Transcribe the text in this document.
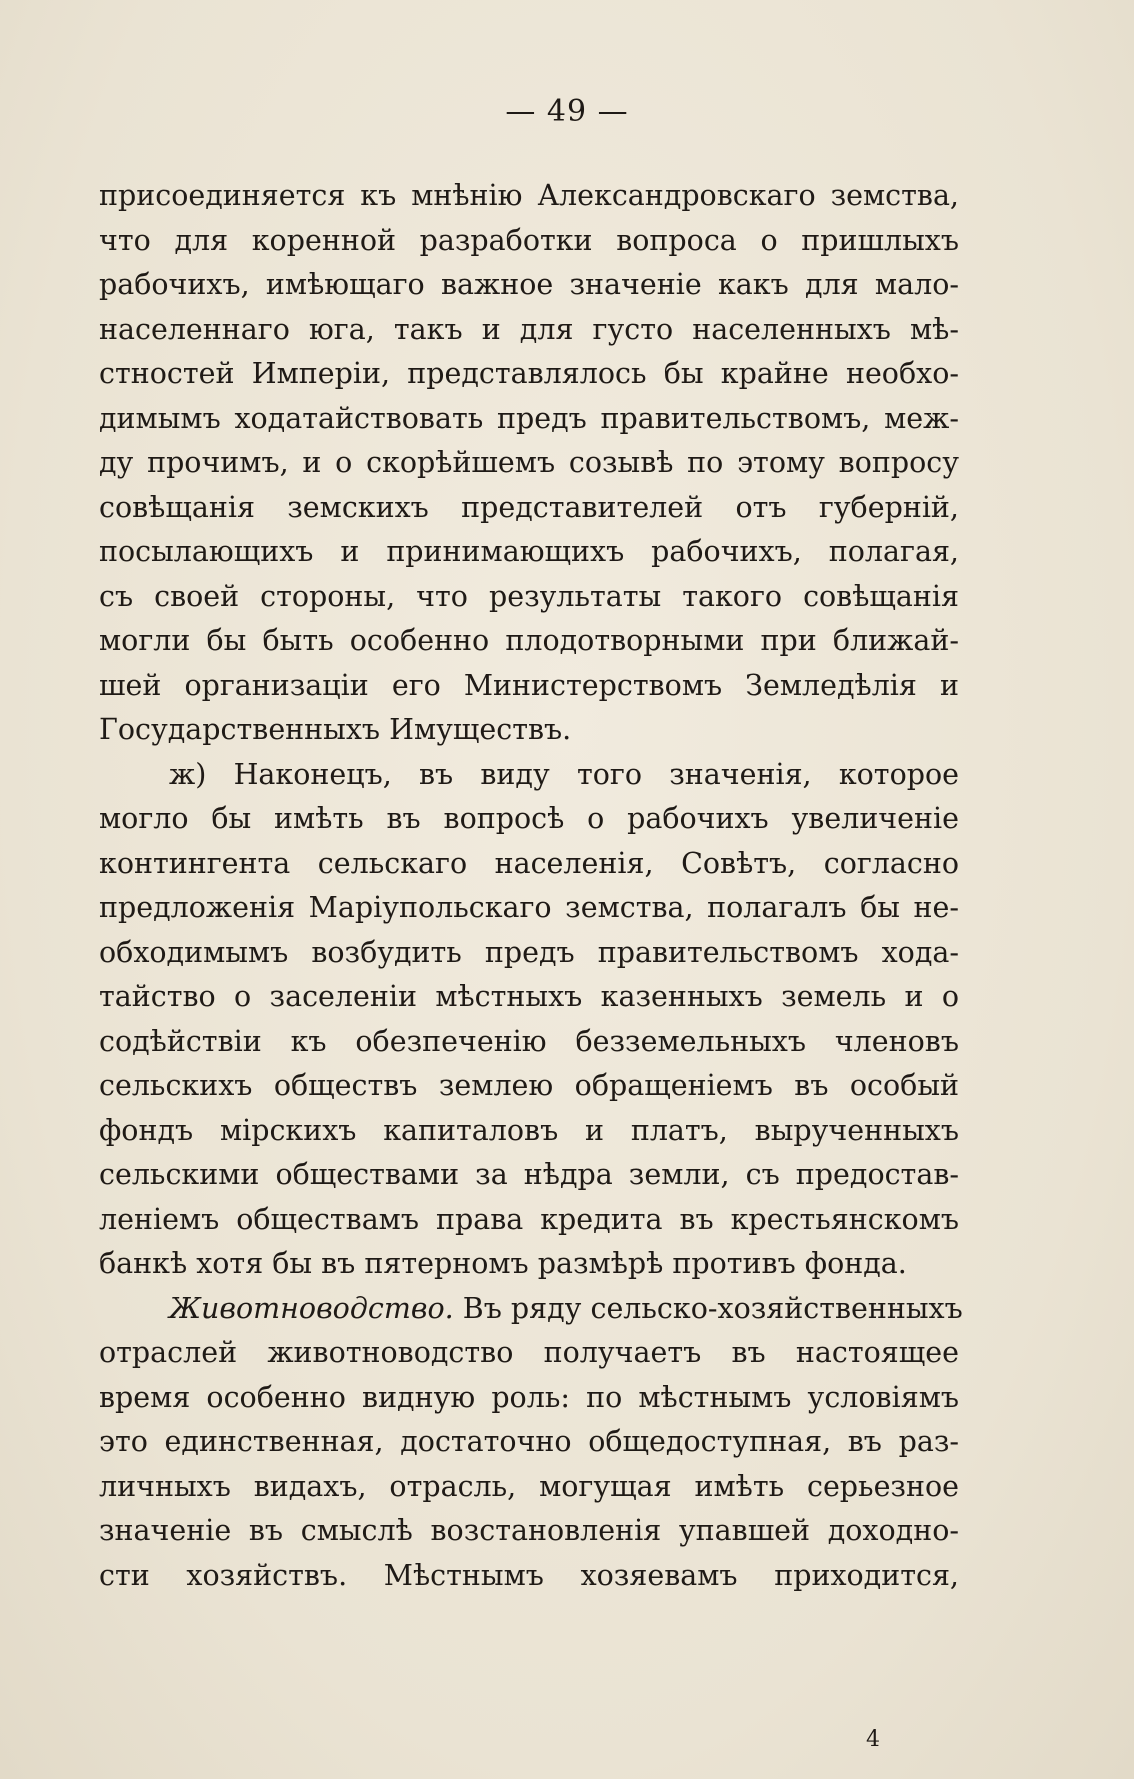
— 49 —
присоединяется къ мнѣнію Александровскаго земства,
что для коренной разработки вопроса о пришлыхъ
рабочихъ, имѣющаго важное значеніе какъ для мало-
населеннаго юга, такъ и для густо населенныхъ мѣ-
стностей Имперіи, представлялось бы крайне необхо-
димымъ ходатайствовать предъ правительствомъ, меж-
ду прочимъ, и о скорѣйшемъ созывѣ по этому вопросу
совѣщанія земскихъ представителей отъ губерній,
посылающихъ и принимающихъ рабочихъ, полагая,
съ своей стороны, что результаты такого совѣщанія
могли бы быть особенно плодотворными при ближай-
шей организаціи его Министерствомъ Земледѣлія и
Государственныхъ Имуществъ.
ж) Наконецъ, въ виду того значенія, которое
могло бы имѣть въ вопросѣ о рабочихъ увеличеніе
контингента сельскаго населенія, Совѣтъ, согласно
предложенія Маріупольскаго земства, полагалъ бы не-
обходимымъ возбудить предъ правительствомъ хода-
тайство о заселеніи мѣстныхъ казенныхъ земель и о
содѣйствіи къ обезпеченію безземельныхъ членовъ
сельскихъ обществъ землею обращеніемъ въ особый
фондъ мірскихъ капиталовъ и платъ, вырученныхъ
сельскими обществами за нѣдра земли, съ предостав-
леніемъ обществамъ права кредита въ крестьянскомъ
банкѣ хотя бы въ пятерномъ размѣрѣ противъ фонда.
Животноводство. Въ ряду сельско-хозяйственныхъ
отраслей животноводство получаетъ въ настоящее
время особенно видную роль: по мѣстнымъ условіямъ
это единственная, достаточно общедоступная, въ раз-
личныхъ видахъ, отрасль, могущая имѣть серьезное
значеніе въ смыслѣ возстановленія упавшей доходно-
сти хозяйствъ. Мѣстнымъ хозяевамъ приходится,
4
